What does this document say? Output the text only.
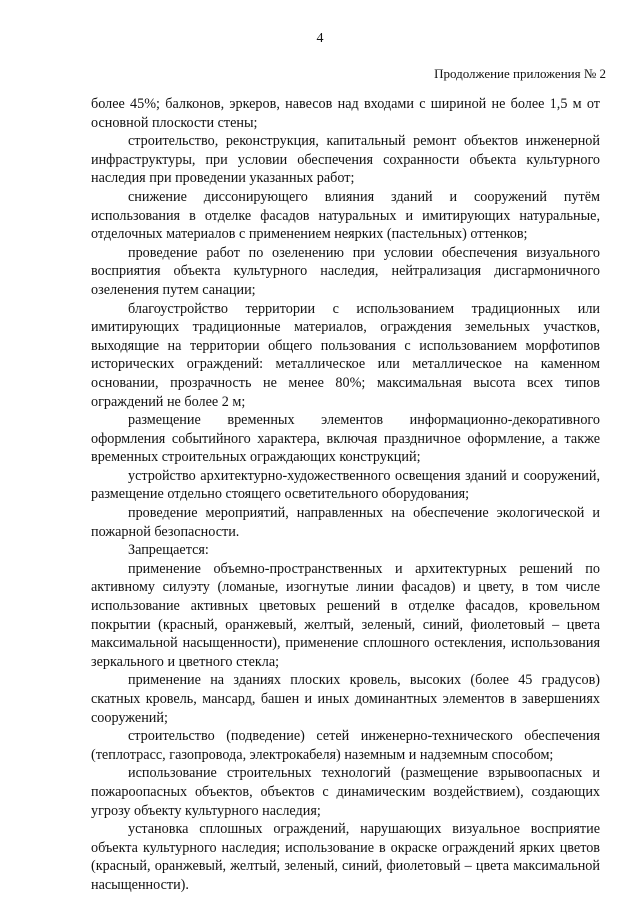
4
Продолжение приложения № 2

более 45%; балконов, эркеров, навесов над входами с шириной не более 1,5 м от основной плоскости стены;

строительство, реконструкция, капитальный ремонт объектов инженерной инфраструктуры, при условии обеспечения сохранности объекта культурного наследия при проведении указанных работ;

снижение диссонирующего влияния зданий и сооружений путём использования в отделке фасадов натуральных и имитирующих натуральные, отделочных материалов с применением неярких (пастельных) оттенков;

проведение работ по озеленению при условии обеспечения визуального восприятия объекта культурного наследия, нейтрализация дисгармоничного озеленения путем санации;

благоустройство территории с использованием традиционных или имитирующих традиционные материалов, ограждения земельных участков, выходящие на территории общего пользования с использованием морфотипов исторических ограждений: металлическое или металлическое на каменном основании, прозрачность не менее 80%; максимальная высота всех типов ограждений не более 2 м;

размещение временных элементов информационно-декоративного оформления событийного характера, включая праздничное оформление, а также временных строительных ограждающих конструкций;

устройство архитектурно-художественного освещения зданий и сооружений, размещение отдельно стоящего осветительного оборудования;

проведение мероприятий, направленных на обеспечение экологической и пожарной безопасности.

Запрещается:

применение объемно-пространственных и архитектурных решений по активному силуэту (ломаные, изогнутые линии фасадов) и цвету, в том числе использование активных цветовых решений в отделке фасадов, кровельном покрытии (красный, оранжевый, желтый, зеленый, синий, фиолетовый – цвета максимальной насыщенности), применение сплошного остекления, использования зеркального и цветного стекла;

применение на зданиях плоских кровель, высоких (более 45 градусов) скатных кровель, мансард, башен и иных доминантных элементов в завершениях сооружений;

строительство (подведение) сетей инженерно-технического обеспечения (теплотрасс, газопровода, электрокабеля) наземным и надземным способом;

использование строительных технологий (размещение взрывоопасных и пожароопасных объектов, объектов с динамическим воздействием), создающих угрозу объекту культурного наследия;

установка сплошных ограждений, нарушающих визуальное восприятие объекта культурного наследия; использование в окраске ограждений ярких цветов (красный, оранжевый, желтый, зеленый, синий, фиолетовый – цвета максимальной насыщенности).
